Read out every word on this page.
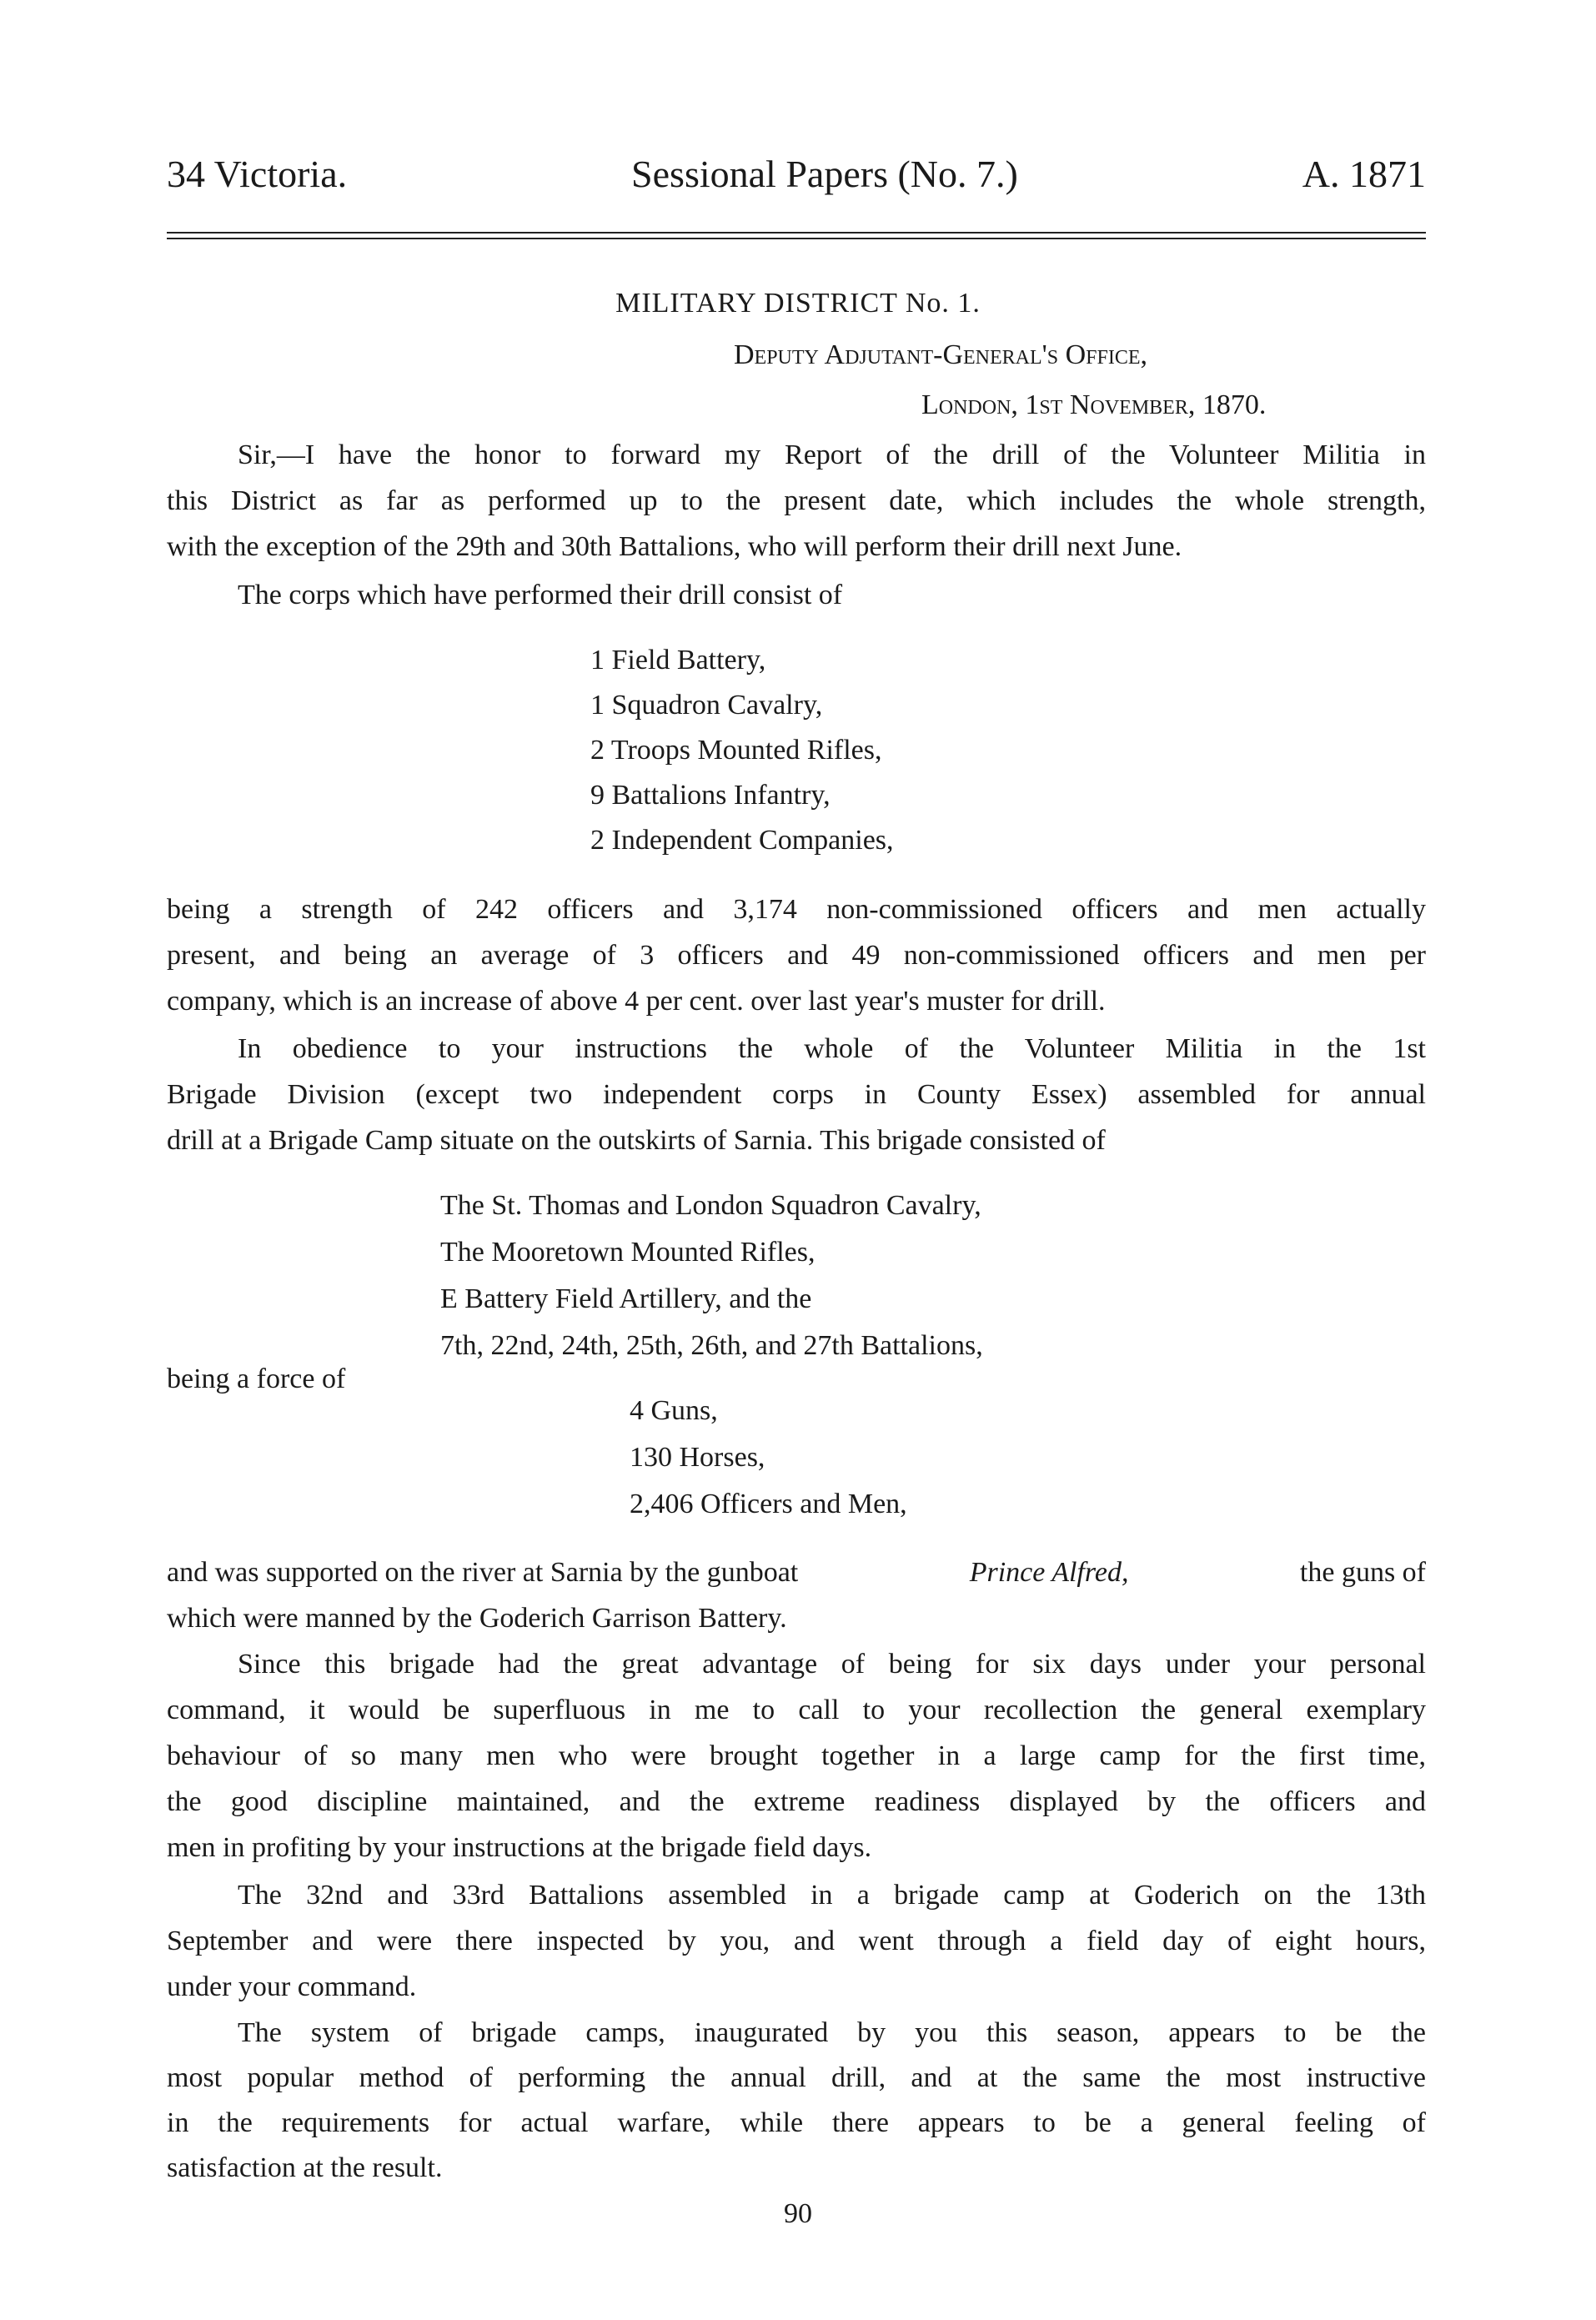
34 Victoria.	Sessional Papers (No. 7.)	A. 1871

MILITARY DISTRICT No. 1.

Deputy Adjutant-General's Office,

London, 1st November, 1870.

Sir,—I have the honor to forward my Report of the drill of the Volunteer Militia in

this District as far as performed up to the present date, which includes the whole strength,

with the exception of the 29th and 30th Battalions, who will perform their drill next June.

The corps which have performed their drill consist of

1 Field Battery,
1 Squadron Cavalry,
2 Troops Mounted Rifles,
9 Battalions Infantry,
2 Independent Companies,

being a strength of 242 officers and 3,174 non-commissioned officers and men actually

present, and being an average of 3 officers and 49 non-commissioned officers and men per

company, which is an increase of above 4 per cent. over last year's muster for drill.

In obedience to your instructions the whole of the Volunteer Militia in the 1st

Brigade Division (except two independent corps in County Essex) assembled for annual

drill at a Brigade Camp situate on the outskirts of Sarnia. This brigade consisted of

The St. Thomas and London Squadron Cavalry,
The Mooretown Mounted Rifles,
E Battery Field Artillery, and the
7th, 22nd, 24th, 25th, 26th, and 27th Battalions,
being a force of
4 Guns,
130 Horses,
2,406 Officers and Men,

and was supported on the river at Sarnia by the gunboat	Prince Alfred,	the guns of

which were manned by the Goderich Garrison Battery.

Since this brigade had the great advantage of being for six days under your personal

command, it would be superfluous in me to call to your recollection the general exemplary

behaviour of so many men who were brought together in a large camp for the first time,

the good discipline maintained, and the extreme readiness displayed by the officers and

men in profiting by your instructions at the brigade field days.

The 32nd and 33rd Battalions assembled in a brigade camp at Goderich on the 13th

September and were there inspected by you, and went through a field day of eight hours,

under your command.

The system of brigade camps, inaugurated by you this season, appears to be the

most popular method of performing the annual drill, and at the same the most instructive

in the requirements for actual warfare, while there appears to be a general feeling of

satisfaction at the result.

90
